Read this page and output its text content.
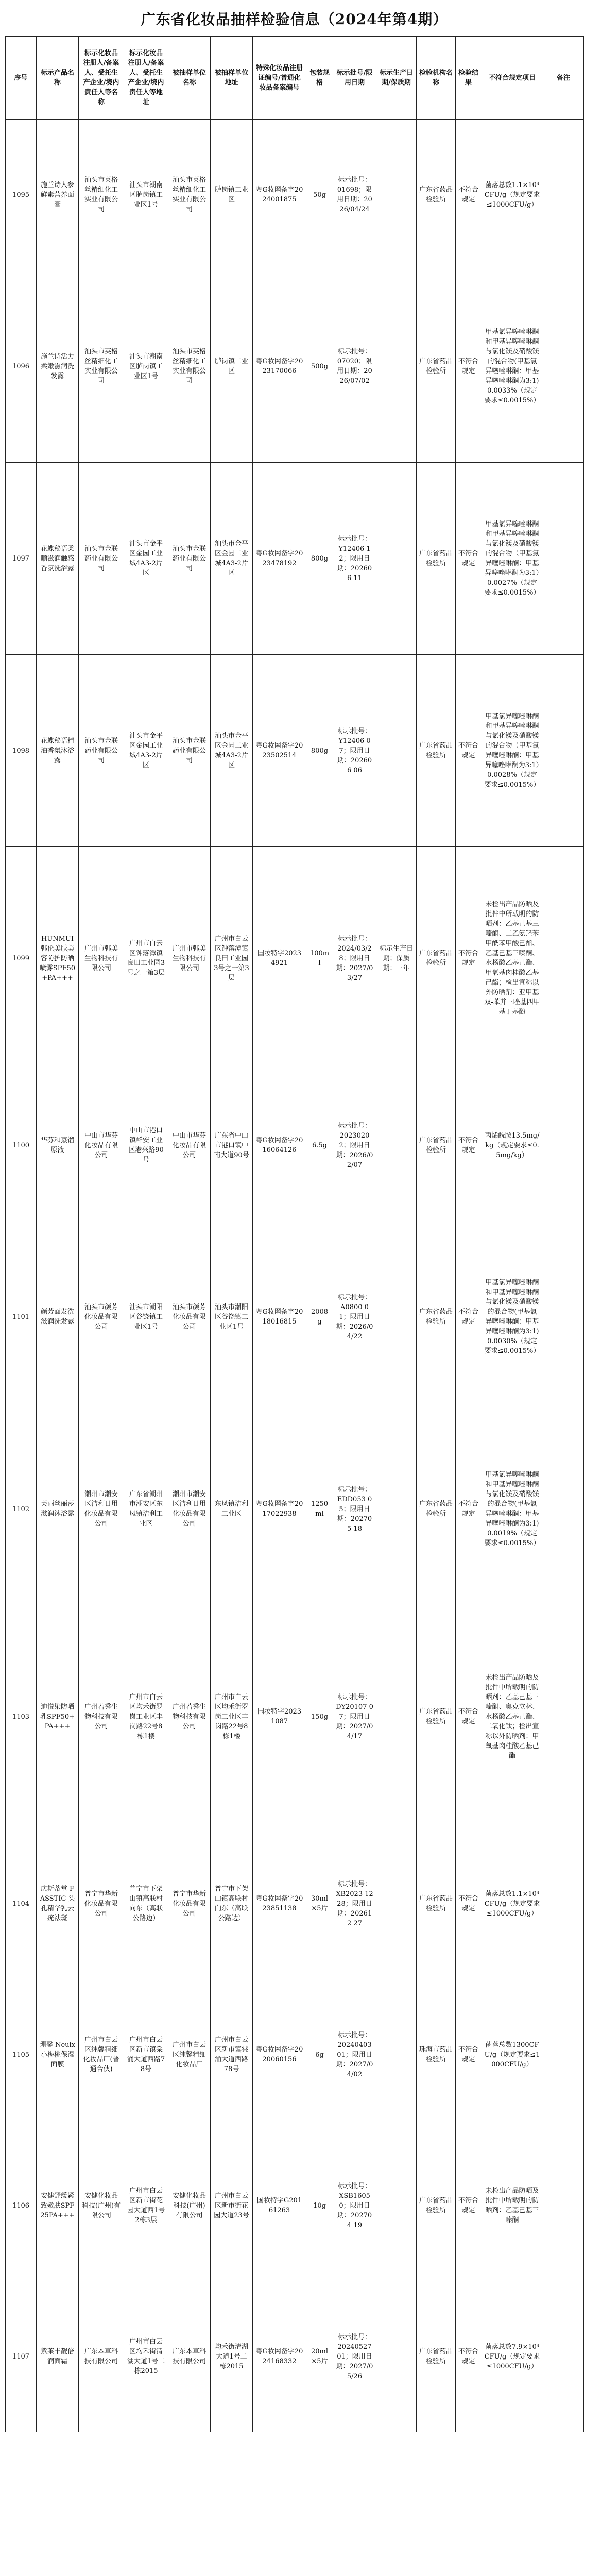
广东省化妆品抽样检验信息（2024年第4期）
序号	标示产品名称	标示化妆品注册人/备案人、受托生产企业/境内责任人等名称	标示化妆品注册人/备案人、受托生产企业/境内责任人等地址	被抽样单位名称	被抽样单位地址	特殊化妆品注册证编号/普通化妆品备案编号	包装规格	标示批号/限用日期	标示生产日期/保质期	检验机构名称	检验结果	不符合规定项目	备注
1095	施兰诗人参鲜素营养面膏	汕头市英格丝精细化工实业有限公司	汕头市潮南区胪岗镇工业区1号	汕头市英格丝精细化工实业有限公司	胪岗镇工业区	粤G妆网备字2024001875	50g	标示批号：01698；限用日期：2026/04/24		广东省药品检验所	不符合规定	菌落总数1.1×10⁴CFU/g（规定要求≤1000CFU/g）	
1096	施兰诗活力柔嫩滋润洗发露	汕头市英格丝精细化工实业有限公司	汕头市潮南区胪岗镇工业区1号	汕头市英格丝精细化工实业有限公司	胪岗镇工业区	粤G妆网备字2023170066	500g	标示批号：07020；限用日期：2026/07/02		广东省药品检验所	不符合规定	甲基氯异噻唑啉酮和甲基异噻唑啉酮与氯化镁及硝酸镁的混合物(甲基氯异噻唑啉酮：甲基异噻唑啉酮为3:1)0.0033%（规定要求≤0.0015%）	
1097	花蝶秘语柔顺滋润触感香氛洗浴露	汕头市金联药业有限公司	汕头市金平区金园工业城4A3-2片区	汕头市金联药业有限公司	汕头市金平区金园工业城4A3-2片区	粤G妆网备字2023478192	800g	标示批号：Y12406 12；限用日期：202606 11		广东省药品检验所	不符合规定	甲基氯异噻唑啉酮和甲基异噻唑啉酮与氯化镁及硝酸镁的混合物（甲基氯异噻唑啉酮：甲基异噻唑啉酮为3:1）0.0027%（规定要求≤0.0015%）	
1098	花蝶秘语精油香氛沐浴露	汕头市金联药业有限公司	汕头市金平区金园工业城4A3-2片区	汕头市金联药业有限公司	汕头市金平区金园工业城4A3-2片区	粤G妆网备字2023502514	800g	标示批号：Y12406 07；限用日期：202606 06		广东省药品检验所	不符合规定	甲基氯异噻唑啉酮和甲基异噻唑啉酮与氯化镁及硝酸镁的混合物（甲基氯异噻唑啉酮：甲基异噻唑啉酮为3:1）0.0028%（规定要求≤0.0015%）	
1099	HUNMUI 韩伦美肤美容防护防晒喷雾SPF50+PA+++	广州市韩美生物科技有限公司	广州市白云区钟落潭镇良田工业园3号之一第3层	广州市韩美生物科技有限公司	广州市白云区钟落潭镇良田工业园3号之一第3层	国妆特字20234921	100ml	标示批号：2024/03/28；限用日期：2027/03/27	标示生产日期；保质期：三年	广东省药品检验所	不符合规定	未检出产品防晒及批件中所载明的防晒剂：乙基己基三嗪酮、二乙氨羟苯甲酰苯甲酸己酯、乙基己基三嗪酮、水杨酸乙基己酯、甲氧基肉桂酸乙基己酯；检出宣称以外防晒剂：亚甲基双-苯并三唑基四甲基丁基酚	
1100	华芬和蒸馏原液	中山市华芬化妆品有限公司	中山市港口镇群安工业区港兴路90号	中山市华芬化妆品有限公司	广东省中山市港口镇中南大道90号	粤G妆网备字2016064126	6.5g	标示批号：2023020 2；限用日期：2026/02/07		广东省药品检验所	不符合规定	丙烯酰胺13.5mg/kg（规定要求≤0.5mg/kg）	
1101	颜芳面发洗滋润洗发露	汕头市颜芳化妆品有限公司	汕头市潮阳区谷饶镇工业区1号	汕头市颜芳化妆品有限公司	汕头市潮阳区谷饶镇工业区1号	粤G妆网备字2018016815	2008g	标示批号：A0800 01；限用日期：2026/04/22		广东省药品检验所	不符合规定	甲基氯异噻唑啉酮和甲基异噻唑啉酮与氯化镁及硝酸镁的混合物(甲基氯异噻唑啉酮：甲基异噻唑啉酮为3:1)0.0030%（规定要求≤0.0015%）	
1102	芙丽丝丽莎滋润沐浴露	潮州市潮安区洁利日用化妆品有限公司	广东省潮州市潮安区东凤镇洁利工业区	潮州市潮安区洁利日用化妆品有限公司	东凤镇洁利工业区	粤G妆网备字2017022938	1250ml	标示批号：EDD053 05；限用日期：202705 18		广东省药品检验所	不符合规定	甲基氯异噻唑啉酮和甲基异噻唑啉酮与氯化镁及硝酸镁的混合物(甲基氯异噻唑啉酮：甲基异噻唑啉酮为3:1)0.0019%（规定要求≤0.0015%）	
1103	迪悦染防晒乳SPF50+PA+++	广州若秀生物科技有限公司	广州市白云区均禾街罗岗工业区丰岗路22号8栋1楼	广州若秀生物科技有限公司	广州市白云区均禾街罗岗工业区丰岗路22号8栋1楼	国妆特字20231087	150g	标示批号：DY20107 07；限用日期：2027/04/17		广东省药品检验所	不符合规定	未检出产品防晒及批件中所载明的防晒剂：乙基己基三嗪酮、奥克立林、水杨酸乙基己酯、二氧化钛；检出宣称以外防晒剂：甲氧基肉桂酸乙基己酯	
1104	庆斯蒂堂 FASSTIC 头孔精华乳去疣祛斑	普宁市华新化妆品有限公司	普宁市下架山镇高联村向东（高联公路边）	普宁市华新化妆品有限公司	普宁市下架山镇高联村向东（高联公路边）	粤G妆网备字2023851138	30ml×5片	标示批号：XB2023 1228；限用日期：202612 27		广东省药品检验所	不符合规定	菌落总数1.1×10⁴CFU/g（规定要求≤1000CFU/g）	
1105	珊馨 Neuix 小梅桃保湿面膜	广州市白云区纯馨精细化妆品厂(普通合伙)	广州市白云区新市镇棠涌大道西路78号	广州市白云区纯馨精细化妆品厂	广州市白云区新市镇棠涌大道西路78号	粤G妆网备字2020060156	6g	标示批号：2024040301；限用日期：2027/04/02		珠海市药品检验所	不符合规定	菌落总数1300CFU/g（规定要求≤1000CFU/g）	
1106	安健舒缓紧致嫩肤SPF25PA+++	安健化妆品科技(广州)有限公司	广州市白云区新市街花园大道西1号2栋3层	安健化妆品科技(广州)有限公司	广州市白云区新市街花园大道23号	国妆特字G20161263	10g	标示批号：XSB1605 0；限用日期：202704 19		广东省药品检验所	不符合规定	未检出产品防晒及批件中所载明的防晒剂：乙基己基三嗪酮	
1107	紫莱丰靓倍润面霜	广东本草科技有限公司	广州市白云区均禾街清湖大道1号二栋2015	广东本草科技有限公司	均禾街清湖大道1号二栋2015	粤G妆网备字2024168332	20ml×5片	标示批号：2024052701；限用日期：2027/05/26		广东省药品检验所	不符合规定	菌落总数7.9×10⁴CFU/g（规定要求≤1000CFU/g）	
